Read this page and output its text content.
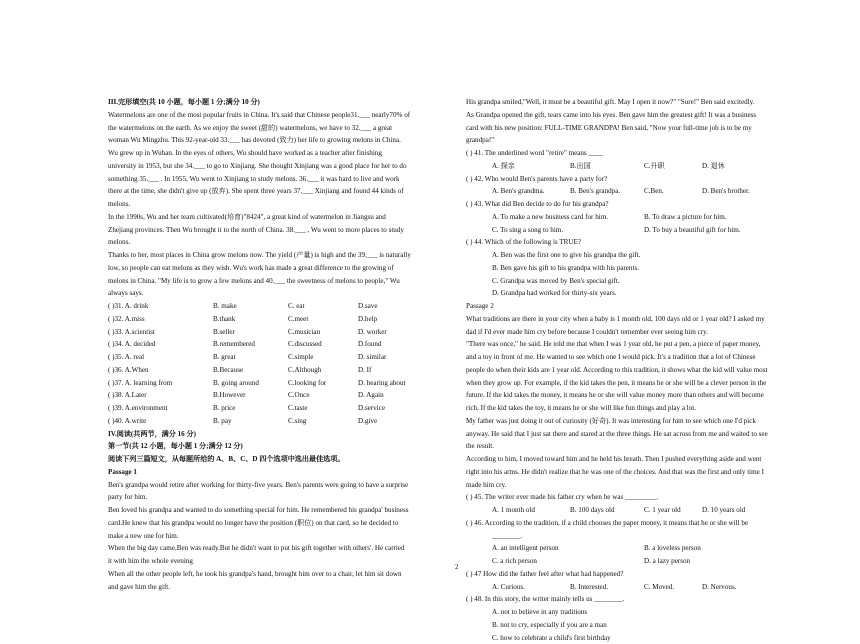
III.完形填空(共 10 小题，每小题 1 分;满分 10 分)
Watermelons are one of the most popular fruits in China. It's said that Chinese people31.___ nearly70% of
the watermelons on the earth. As we enjoy the sweet (甜的) watermelons, we have to 32.___ a great
woman Wu Mingzhu. This 92-year-old 33.___ has devoted (致力) her life to growing melons in China.
Wu grew up in Wuhan. In the eyes of others, Wu should have worked as a teacher after finishing
university in 1953, but she 34.___ to go to Xinjiang. She thought Xinjiang was a good place for her to do
something 35.___ . In 1955, Wu went to Xinjiang to study melons. 36.___ it was hard to live and work
there at the time, she didn't give up (放弃). She spent three years 37.___ Xinjiang and found 44 kinds of
melons.
In the 1990s, Wu and her team cultivated(培育)"8424", a great kind of watermelon in Jiangsu and
Zhejiang provinces. Then Wu brought it to the north of China. 38.___ , Wu went to more places to study
melons.
Thanks to her, most places in China grow melons now. The yield (产量) is high and the 39.___ is naturally
low, so people can eat melons as they wish. Wu's work has made a great difference to the growing of
melons in China. "My life is to grow a few melons and 40.___ the sweetness of melons to people," Wu
always says.
( )31. A. drink	B. make	C. eat	D.save
( )32. A.miss	B.thank	C.meet	D.help
( )33. A.scientist	B.seller	C.musician	D. worker
( )34. A. decided	B.remembered	C.discussed	D.found
( )35. A. real	B. great	C.simple	D. similar
( )36. A.When	B.Because	C.Although	D. If
( )37. A. learning from	B. going around	C.looking for	D. hearing about
( )38. A.Later	B.However	C.Once	D. Again
( )39. A.environment	B. price	C.taste	D.service
( )40. A.write	B. pay	C.sing	D.give
IV.阅读(共两节，满分 16 分)
第一节(共 12 小题，每小题 1 分;满分 12 分)
阅读下列三篇短文，从每题所给的 A、B、C、D 四个选项中选出最佳选项。
Passage 1
Ben's grandpa would retire after working for thirty-five years. Ben's parents were going to have a surprise
party for him.
Ben loved his grandpa and wanted to do something special for him. He remembered his grandpa' business
card.He knew that his grandpa would no longer have the position (职位) on that card, so he decided to
make a new one for him.
When the big day came,Ben was ready.But he didn't want to put his gift together with others'. He carried
it with him the whole evening
When all the other people left, he took his grandpa's hand, brought him over to a chair, let him sit down
and gave him the gift.
His grandpa smiled,"Well, it must be a beautiful gift. May I open it now?" "Sure!" Ben said excitedly.
As Grandpa opened the gift, tears came into his eyes. Ben gave him the greatest gift! It was a business
card with his new position: FULL-TIME GRANDPA! Ben said, "Now your full-time job is to be my
grandpa!"
( ) 41. The underlined word "retire" means ____
A. 探亲	B.出国	C.升职	D. 退休
( ) 42. Who would Ben's parents have a party for?
A. Ben's grandma.	B. Ben's grandpa.	C.Ben.	D. Ben's brother.
( ) 43. What did Ben decide to do for his grandpa?
A. To make a new business card for him.	B. To draw a picture for him.
C. To sing a song to him.	D. To buy a beautiful gift for him.
( ) 44. Which of the following is TRUE?
A. Ben was the first one to give his grandpa the gift.
B. Ben gave his gift to his grandpa with his parents.
C. Grandpa was moved by Ben's special gift.
D. Grandpa had worked for thirty-six years.
Passage 2
What traditions are there in your city when a baby is 1 month old, 100 days old or 1 year old? I asked my
dad if I'd ever made him cry before because I couldn't remember ever seeing him cry.
"There was once," he said. He told me that when I was 1 year old, he put a pen, a piece of paper money,
and a toy in front of me. He wanted to see which one I would pick. It's a tradition that a lot of Chinese
people do when their kids are 1 year old. According to this tradition, it shows what the kid will value most
when they grow up. For example, if the kid takes the pen, it means he or she will be a clever person in the
future. If the kid takes the money, it means he or she will value money more than others and will become
rich. If the kid takes the toy, it means he or she will like fun things and play a lot.
My father was just doing it out of curiosity (好奇). It was interesting for him to see which one I'd pick
anyway. He said that I just sat there and stared at the three things. He sat across from me and waited to see
the result.
According to him, I moved toward him and he held his breath. Then I pushed everything aside and went
right into his arms. He didn't realize that he was one of the choices. And that was the first and only time I
made him cry.
( ) 45. The writer ever made his father cry when he was _________.
A. 1 month old	B. 100 days old	C. 1 year old	D. 10 years old
( ) 46. According to the tradition, if a child chooses the paper money, it means that he or she will be
________.
A. an intelligent person	B. a loveless person
C. a rich person	D. a lazy person
( ) 47 How did the father feel after what had happened?
A. Curious.	B. Interested.	C. Moved.	D. Nervous.
( ) 48. In this story, the writer mainly tells us ________.
A. not to believe in any traditions
B. not to cry, especially if you are a man
C. how to celebrate a child's first birthday
2
